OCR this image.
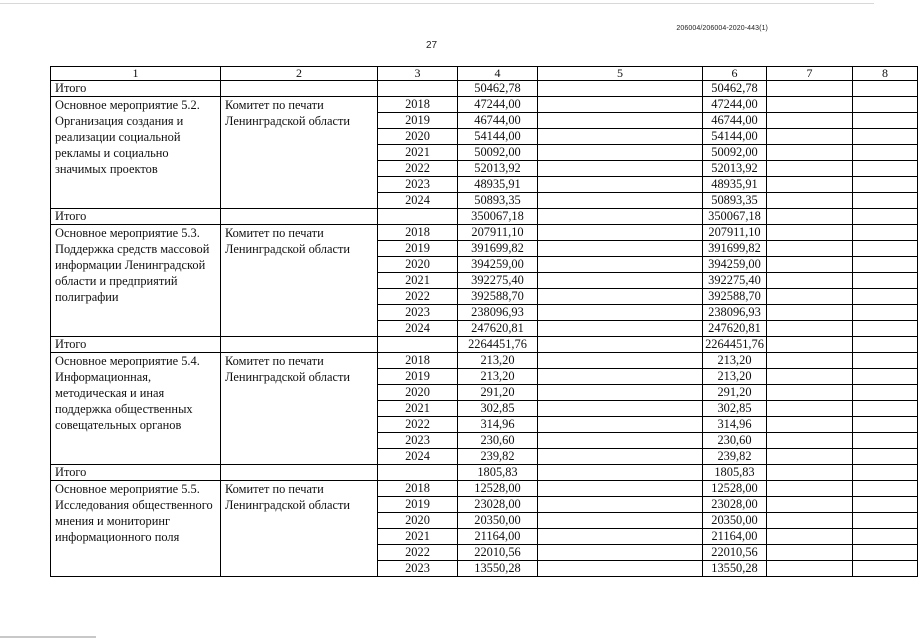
206004/206004-2020-443(1)
27
1	2	3	4	5	6	7	8
Итого			50462,78		50462,78		
Основное мероприятие 5.2. Организация создания и реализации социальной рекламы и социально значимых проектов	Комитет по печати Ленинградской области	2018	47244,00		47244,00		
		2019	46744,00		46744,00		
		2020	54144,00		54144,00		
		2021	50092,00		50092,00		
		2022	52013,92		52013,92		
		2023	48935,91		48935,91		
		2024	50893,35		50893,35		
Итого			350067,18		350067,18		
Основное мероприятие 5.3. Поддержка средств массовой информации Ленинградской области и предприятий полиграфии	Комитет по печати Ленинградской области	2018	207911,10		207911,10		
		2019	391699,82		391699,82		
		2020	394259,00		394259,00		
		2021	392275,40		392275,40		
		2022	392588,70		392588,70		
		2023	238096,93		238096,93		
		2024	247620,81		247620,81		
Итого			2264451,76		2264451,76		
Основное мероприятие 5.4. Информационная, методическая и иная поддержка общественных совещательных органов	Комитет по печати Ленинградской области	2018	213,20		213,20		
		2019	213,20		213,20		
		2020	291,20		291,20		
		2021	302,85		302,85		
		2022	314,96		314,96		
		2023	230,60		230,60		
		2024	239,82		239,82		
Итого			1805,83		1805,83		
Основное мероприятие 5.5. Исследования общественного мнения и мониторинг информационного поля	Комитет по печати Ленинградской области	2018	12528,00		12528,00		
		2019	23028,00		23028,00		
		2020	20350,00		20350,00		
		2021	21164,00		21164,00		
		2022	22010,56		22010,56		
		2023	13550,28		13550,28		
